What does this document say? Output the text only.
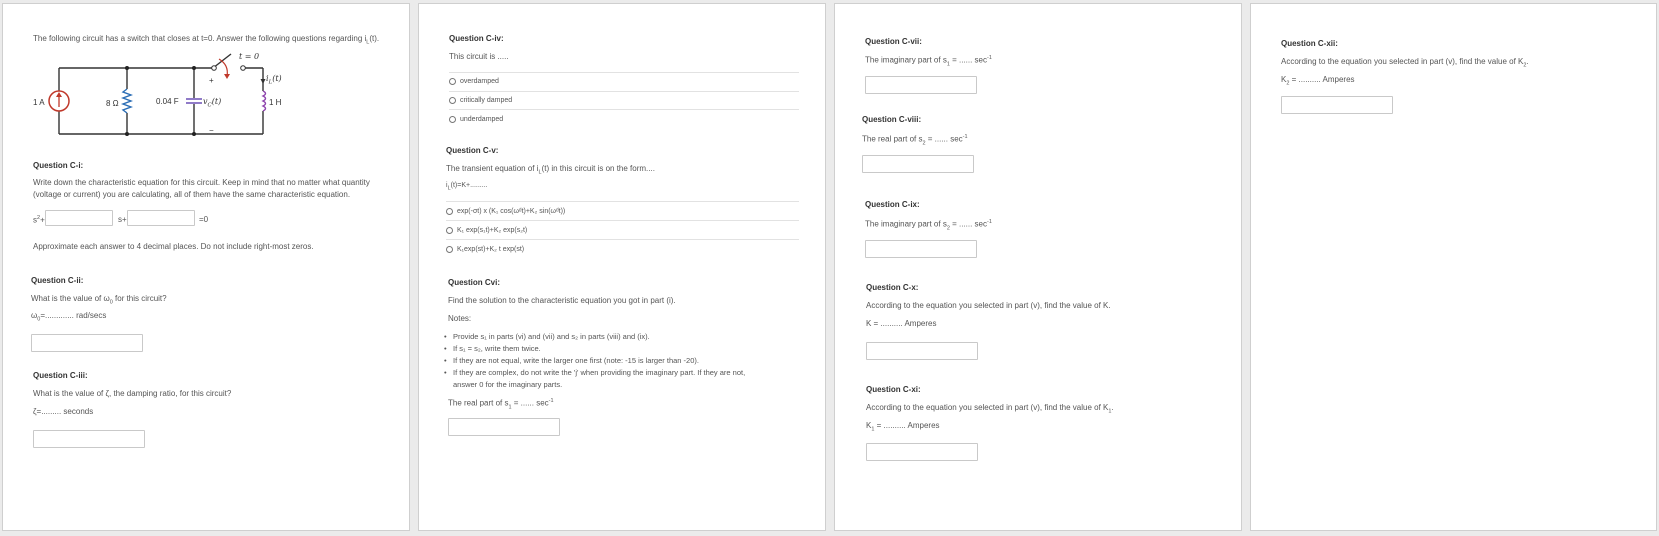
The following circuit has a switch that closes at t=0. Answer the following questions regarding $i_L(t)$.
1 A	8 Ω	0.04 F	$v_C(t)$	1 H
$i_L(t)$
t = 0
+
−
Question C-i:
Write down the characteristic equation for this circuit. Keep in mind that no matter what quantity
(voltage or current) you are calculating, all of them have the same characteristic equation.
$s^2+$	s+	=0
Approximate each answer to 4 decimal places. Do not include right-most zeros.
Question C-ii:
What is the value of $\omega_0$ for this circuit?
$\omega_0=$............. rad/secs
Question C-iii:
What is the value of ζ, the damping ratio, for this circuit?
ζ=......... seconds
Question C-iv:
This circuit is .....
overdamped
critically damped
underdamped
Question C-v:
The transient equation of $i_L(t)$ in this circuit is on the form....
$i_L(t)=K+$.........
exp(-σt) x (K₁ cos(ωᵈt)+K₂ sin(ωᵈt))
K₁ exp(s₁t)+K₂ exp(s₂t)
K₁exp(st)+K₂ t exp(st)
Question Cvi:
Find the solution to the characteristic equation you got in part (i).
Notes:
• Provide s₁ in parts (vi) and (vii) and s₂ in parts (viii) and (ix).
• If s₁ = s₂, write them twice.
• If they are not equal, write the larger one first (note: -15 is larger than -20).
• If they are complex, do not write the 'j' when providing the imaginary part. If they are not,
answer 0 for the imaginary parts.
The real part of $s_1$ = ...... $\sec^{-1}$
Question C-vii:
The imaginary part of $s_1$ = ...... $\sec^{-1}$
Question C-viii:
The real part of $s_2$ = ...... $\sec^{-1}$
Question C-ix:
The imaginary part of $s_2$ = ...... $\sec^{-1}$
Question C-x:
According to the equation you selected in part (v), find the value of K.
K = .......... Amperes
Question C-xi:
According to the equation you selected in part (v), find the value of $K_1$.
$K_1$ = .......... Amperes
Question C-xii:
According to the equation you selected in part (v), find the value of $K_2$.
$K_2$ = .......... Amperes
